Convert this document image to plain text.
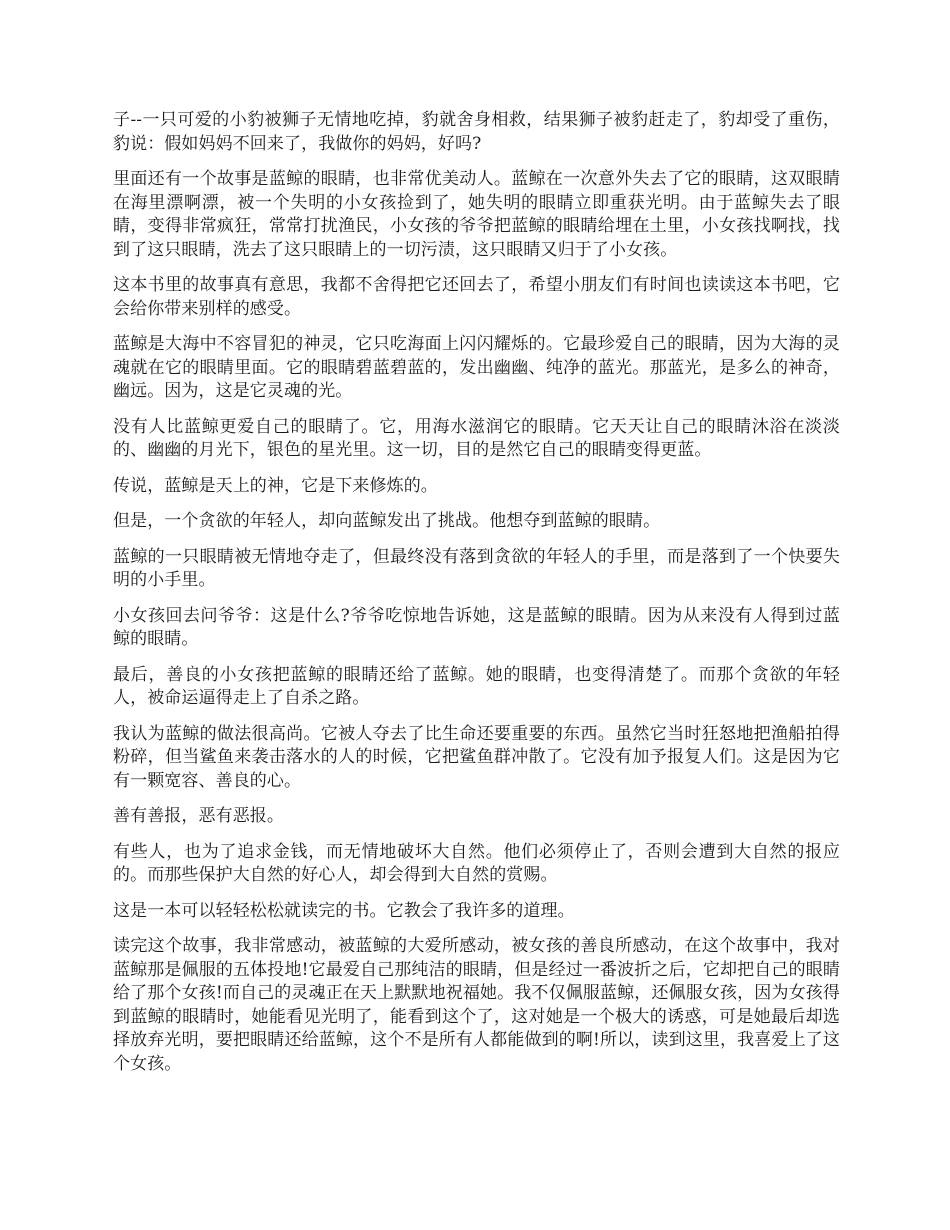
子--一只可爱的小豹被狮子无情地吃掉，豹就舍身相救，结果狮子被豹赶走了，豹却受了重伤，豹说：假如妈妈不回来了，我做你的妈妈，好吗?

里面还有一个故事是蓝鲸的眼睛，也非常优美动人。蓝鲸在一次意外失去了它的眼睛，这双眼睛在海里漂啊漂，被一个失明的小女孩捡到了，她失明的眼睛立即重获光明。由于蓝鲸失去了眼睛，变得非常疯狂，常常打扰渔民，小女孩的爷爷把蓝鲸的眼睛给埋在土里，小女孩找啊找，找到了这只眼睛，洗去了这只眼睛上的一切污渍，这只眼睛又归于了小女孩。

这本书里的故事真有意思，我都不舍得把它还回去了，希望小朋友们有时间也读读这本书吧，它会给你带来别样的感受。

蓝鲸是大海中不容冒犯的神灵，它只吃海面上闪闪耀烁的。它最珍爱自己的眼睛，因为大海的灵魂就在它的眼睛里面。它的眼睛碧蓝碧蓝的，发出幽幽、纯净的蓝光。那蓝光，是多么的神奇，幽远。因为，这是它灵魂的光。

没有人比蓝鲸更爱自己的眼睛了。它，用海水滋润它的眼睛。它天天让自己的眼睛沐浴在淡淡的、幽幽的月光下，银色的星光里。这一切，目的是然它自己的眼睛变得更蓝。

传说，蓝鲸是天上的神，它是下来修炼的。

但是，一个贪欲的年轻人，却向蓝鲸发出了挑战。他想夺到蓝鲸的眼睛。

蓝鲸的一只眼睛被无情地夺走了，但最终没有落到贪欲的年轻人的手里，而是落到了一个快要失明的小手里。

小女孩回去问爷爷：这是什么?爷爷吃惊地告诉她，这是蓝鲸的眼睛。因为从来没有人得到过蓝鲸的眼睛。

最后，善良的小女孩把蓝鲸的眼睛还给了蓝鲸。她的眼睛，也变得清楚了。而那个贪欲的年轻人，被命运逼得走上了自杀之路。

我认为蓝鲸的做法很高尚。它被人夺去了比生命还要重要的东西。虽然它当时狂怒地把渔船拍得粉碎，但当鲨鱼来袭击落水的人的时候，它把鲨鱼群冲散了。它没有加予报复人们。这是因为它有一颗宽容、善良的心。

善有善报，恶有恶报。

有些人，也为了追求金钱，而无情地破坏大自然。他们必须停止了，否则会遭到大自然的报应的。而那些保护大自然的好心人，却会得到大自然的赏赐。

这是一本可以轻轻松松就读完的书。它教会了我许多的道理。

读完这个故事，我非常感动，被蓝鲸的大爱所感动，被女孩的善良所感动，在这个故事中，我对蓝鲸那是佩服的五体投地!它最爱自己那纯洁的眼睛，但是经过一番波折之后，它却把自己的眼睛给了那个女孩!而自己的灵魂正在天上默默地祝福她。我不仅佩服蓝鲸，还佩服女孩，因为女孩得到蓝鲸的眼睛时，她能看见光明了，能看到这个了，这对她是一个极大的诱惑，可是她最后却选择放弃光明，要把眼睛还给蓝鲸，这个不是所有人都能做到的啊!所以，读到这里，我喜爱上了这个女孩。
